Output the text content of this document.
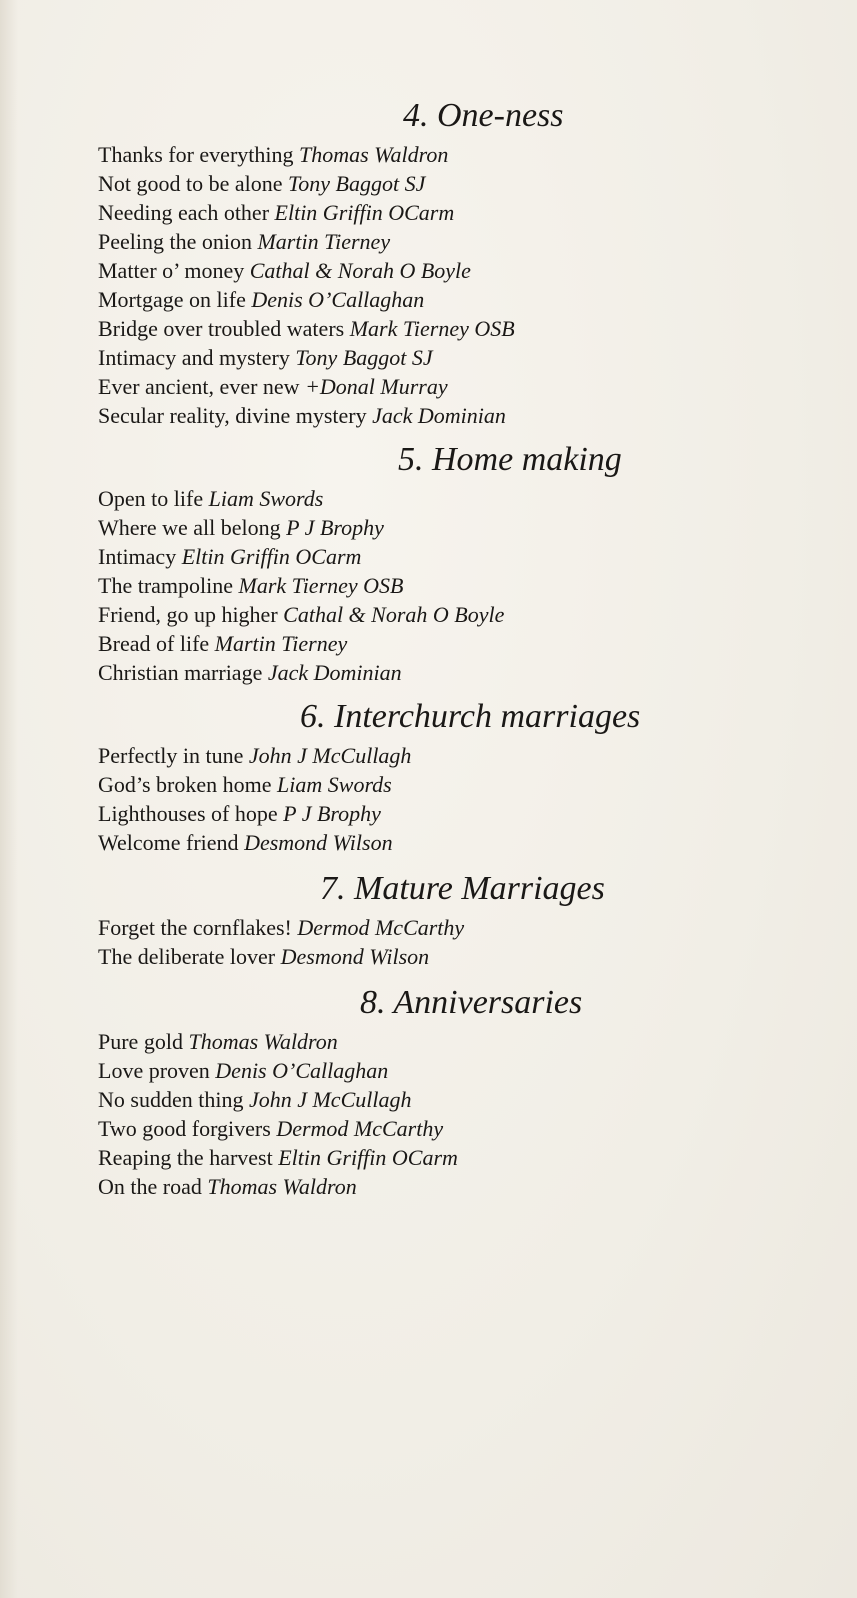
4. One-ness
Thanks for everything Thomas Waldron
Not good to be alone Tony Baggot SJ
Needing each other Eltin Griffin OCarm
Peeling the onion Martin Tierney
Matter o’ money Cathal & Norah O Boyle
Mortgage on life Denis O’Callaghan
Bridge over troubled waters Mark Tierney OSB
Intimacy and mystery Tony Baggot SJ
Ever ancient, ever new +Donal Murray
Secular reality, divine mystery Jack Dominian
5. Home making
Open to life Liam Swords
Where we all belong P J Brophy
Intimacy Eltin Griffin OCarm
The trampoline Mark Tierney OSB
Friend, go up higher Cathal & Norah O Boyle
Bread of life Martin Tierney
Christian marriage Jack Dominian
6. Interchurch marriages
Perfectly in tune John J McCullagh
God’s broken home Liam Swords
Lighthouses of hope P J Brophy
Welcome friend Desmond Wilson
7. Mature Marriages
Forget the cornflakes! Dermod McCarthy
The deliberate lover Desmond Wilson
8. Anniversaries
Pure gold Thomas Waldron
Love proven Denis O’Callaghan
No sudden thing John J McCullagh
Two good forgivers Dermod McCarthy
Reaping the harvest Eltin Griffin OCarm
On the road Thomas Waldron
